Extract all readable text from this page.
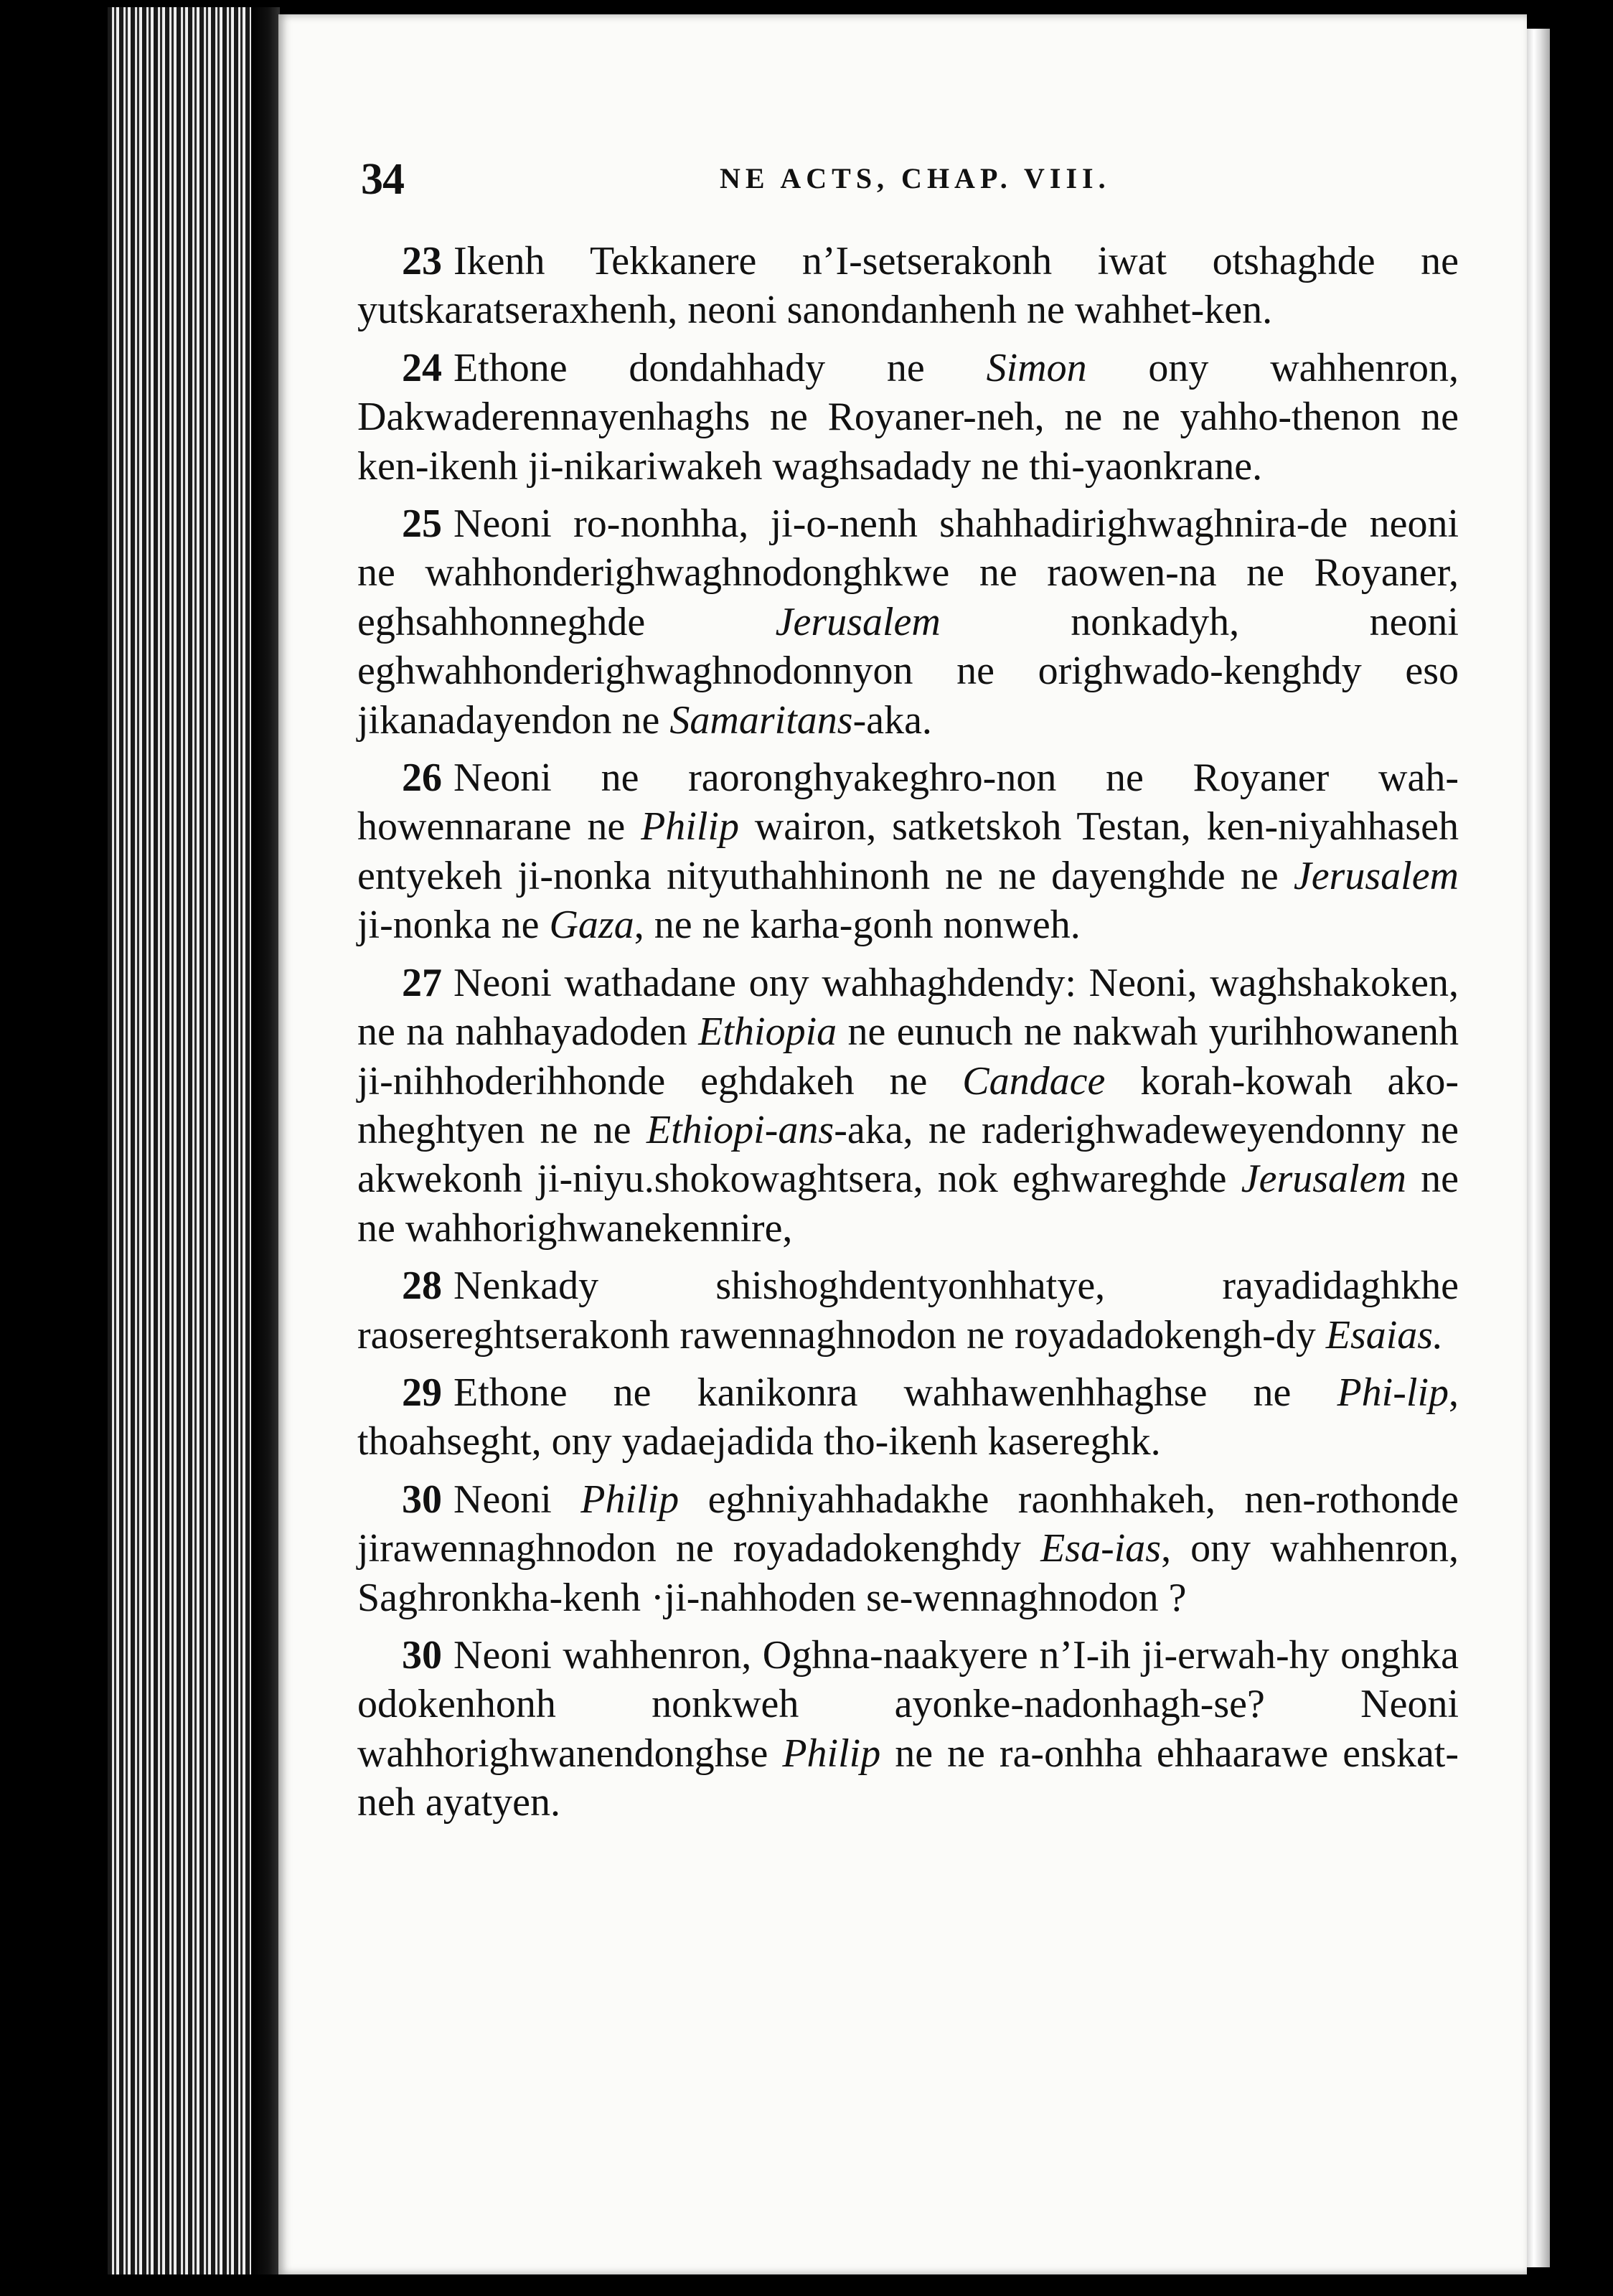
34	NE ACTS, CHAP. VIII.

23 Ikenh Tekkanere n’I-setserakonh iwat otshaghde ne yutskaratseraxhenh, neoni sanondanhenh ne wahhet-ken.

24 Ethone dondahhady ne Simon ony wahhenron, Dakwaderennayenhaghs ne Royaner-neh, ne ne yahho-thenon ne ken-ikenh ji-nikariwakeh waghsadady ne thi-yaonkrane.

25 Neoni ro-nonhha, ji-o-nenh shahhadirighwaghnira-de neoni ne wahhonderighwaghnodonghkwe ne raowen-na ne Royaner, eghsahhonneghde Jerusalem nonkadyh, neoni eghwahhonderighwaghnodonnyon ne orighwado-kenghdy eso jikanadayendon ne Samaritans-aka.

26 Neoni ne raoronghyakeghro-non ne Royaner wah-howennarane ne Philip wairon, satketskoh Testan, ken-niyahhaseh entyekeh ji-nonka nityuthahhinonh ne ne dayenghde ne Jerusalem ji-nonka ne Gaza, ne ne karha-gonh nonweh.

27 Neoni wathadane ony wahhaghdendy: Neoni, waghshakoken, ne na nahhayadoden Ethiopia ne eunuch ne nakwah yurihhowanenh ji-nihhoderihhonde eghdakeh ne Candace korah-kowah ako-nheghtyen ne ne Ethiopi-ans-aka, ne raderighwadeweyendonny ne akwekonh ji-niyu.shokowaghtsera, nok eghwareghde Jerusalem ne ne wahhorighwanekennire,

28 Nenkady shishoghdentyonhhatye, rayadidaghkhe raosereghtserakonh rawennaghnodon ne royadadokengh-dy Esaias.

29 Ethone ne kanikonra wahhawenhhaghse ne Phi-lip, thoahseght, ony yadaejadida tho-ikenh kasereghk.

30 Neoni Philip eghniyahhadakhe raonhhakeh, nen-rothonde jirawennaghnodon ne royadadokenghdy Esa-ias, ony wahhenron, Saghronkha-kenh ·ji-nahhoden se-wennaghnodon ?

30 Neoni wahhenron, Oghna-naakyere n’I-ih ji-erwah-hy onghka odokenhonh nonkweh ayonke-nadonhagh-se? Neoni wahhorighwanendonghse Philip ne ne ra-onhha ehhaarawe enskat-neh ayatyen.
